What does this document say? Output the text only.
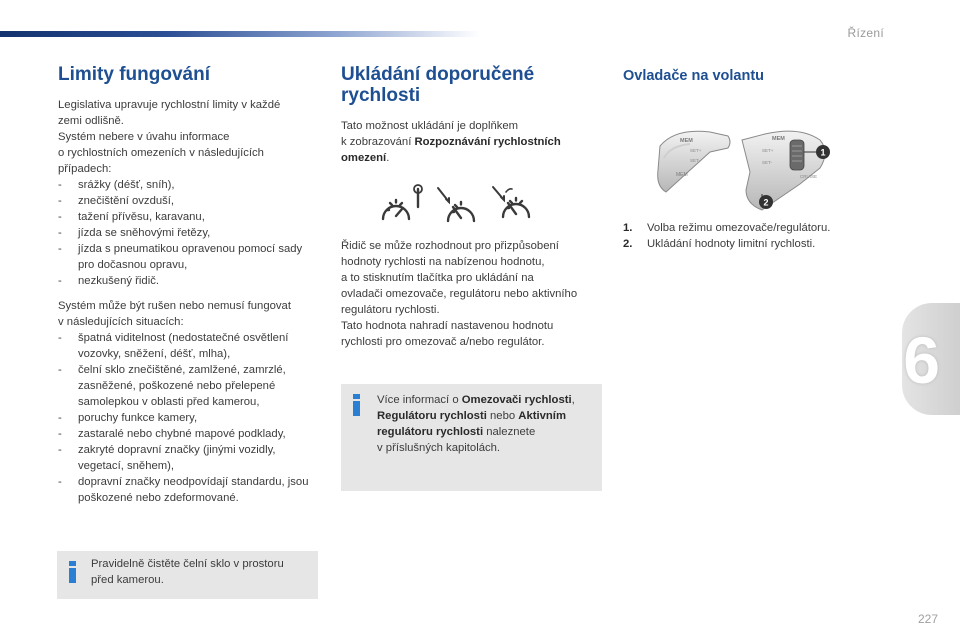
Řízení
6
227
Limity fungování

Legislativa upravuje rychlostní limity v každé
zemi odlišně.
Systém nebere v úvahu informace
o rychlostních omezeních v následujících
případech:

- srážky (déšť, sníh),
- znečištění ovzduší,
- tažení přívěsu, karavanu,
- jízda se sněhovými řetězy,
- jízda s pneumatikou opravenou pomocí sady pro dočasnou opravu,
- nezkušený řidič.

Systém může být rušen nebo nemusí fungovat
v následujících situacích:

- špatná viditelnost (nedostatečné osvětlení vozovky, sněžení, déšť, mlha),
- čelní sklo znečištěné, zamlžené, zamrzlé, zasněžené, poškozené nebo přelepené samolepkou v oblasti před kamerou,
- poruchy funkce kamery,
- zastaralé nebo chybné mapové podklady,
- zakryté dopravní značky (jinými vozidly, vegetací, sněhem),
- dopravní značky neodpovídají standardu, jsou poškozené nebo zdeformované.
Pravidelně čistěte čelní sklo v prostoru
před kamerou.
Ukládání doporučené
rychlosti

Tato možnost ukládání je doplňkem
k zobrazování Rozpoznávání rychlostních
omezení.

Řidič se může rozhodnout pro přizpůsobení
hodnoty rychlosti na nabízenou hodnotu,
a to stisknutím tlačítka pro ukládání na
ovladači omezovače, regulátoru nebo aktivního
regulátoru rychlosti.
Tato hodnota nahradí nastavenou hodnotu
rychlosti pro omezovač a/nebo regulátor.

Více informací o Omezovači rychlosti,
Regulátoru rychlosti nebo Aktivním
regulátoru rychlosti naleznete
v příslušných kapitolách.
Ovladače na volantu
MEM
SET+
SET-
MEM
MEM
SET+
SET-
CRUISE
1
2
1. Volba režimu omezovače/regulátoru.
2. Ukládání hodnoty limitní rychlosti.
